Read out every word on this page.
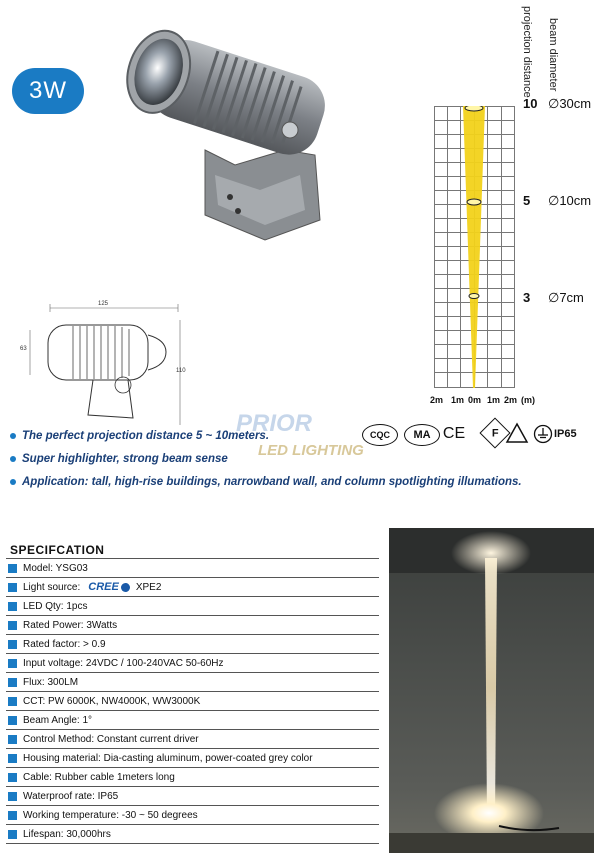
3W
125
63
110
projection distance beam diameter
10
5
3
∅30cm
∅10cm
∅7cm
2m 1m 0m 1m 2m (m)
PRIOR
LED LIGHTING
The perfect projection distance 5 ~ 10meters.
Super highlighter, strong beam sense
Application: tall, high-rise buildings, narrowband wall, and column spotlighting illumations.
CQC	MA CE F	IP65
SPECIFCATION
Model: YSG03
Light source: CREE XPE2
LED Qty: 1pcs
Rated Power: 3Watts
Rated factor: > 0.9
Input voltage: 24VDC / 100-240VAC 50-60Hz
Flux: 300LM
CCT: PW 6000K, NW4000K, WW3000K
Beam Angle: 1°
Control Method: Constant current driver
Housing material: Dia-casting aluminum, power-coated grey color
Cable: Rubber cable 1meters long
Waterproof rate: IP65
Working temperature: -30 ~ 50 degrees
Lifespan: 30,000hrs
